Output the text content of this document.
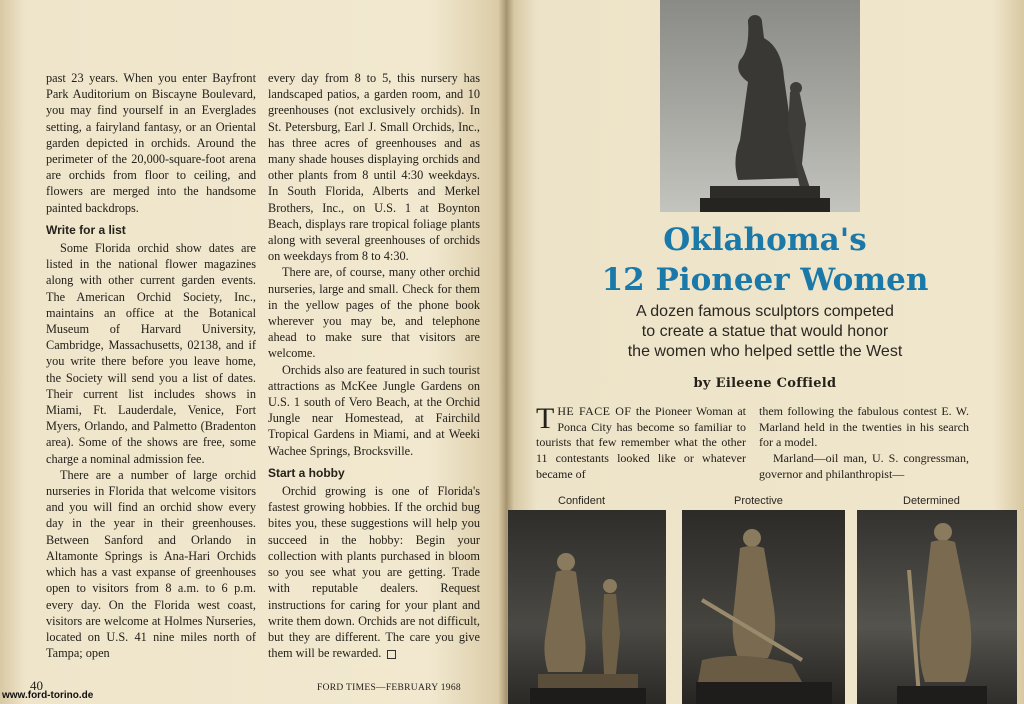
past 23 years. When you enter Bayfront Park Auditorium on Biscayne Boulevard, you may find yourself in an Everglades setting, a fairyland fantasy, or an Oriental garden depicted in orchids. Around the perimeter of the 20,000-square-foot arena are orchids from floor to ceiling, and flowers are merged into the handsome painted backdrops.

Write for a list

Some Florida orchid show dates are listed in the national flower magazines along with other current garden events. The American Orchid Society, Inc., maintains an office at the Botanical Museum of Harvard University, Cambridge, Massachusetts, 02138, and if you write there before you leave home, the Society will send you a list of dates. Their current list includes shows in Miami, Ft. Lauderdale, Venice, Fort Myers, Orlando, and Palmetto (Bradenton area). Some of the shows are free, some charge a nominal admission fee.

There are a number of large orchid nurseries in Florida that welcome visitors and you will find an orchid show every day in the year in their greenhouses. Between Sanford and Orlando in Altamonte Springs is Ana-Hari Orchids which has a vast expanse of greenhouses open to visitors from 8 a.m. to 6 p.m. every day. On the Florida west coast, visitors are welcome at Holmes Nurseries, located on U.S. 41 nine miles north of Tampa; open

every day from 8 to 5, this nursery has landscaped patios, a garden room, and 10 greenhouses (not exclusively orchids). In St. Petersburg, Earl J. Small Orchids, Inc., has three acres of greenhouses and as many shade houses displaying orchids and other plants from 8 until 4:30 weekdays. In South Florida, Alberts and Merkel Brothers, Inc., on U.S. 1 at Boynton Beach, displays rare tropical foliage plants along with several greenhouses of orchids on weekdays from 8 to 4:30.

There are, of course, many other orchid nurseries, large and small. Check for them in the yellow pages of the phone book wherever you may be, and telephone ahead to make sure that visitors are welcome.

Orchids also are featured in such tourist attractions as McKee Jungle Gardens on U.S. 1 south of Vero Beach, at the Orchid Jungle near Homestead, at Fairchild Tropical Gardens in Miami, and at Weeki Wachee Springs, Brocksville.

Start a hobby

Orchid growing is one of Florida's fastest growing hobbies. If the orchid bug bites you, these suggestions will help you succeed in the hobby: Begin your collection with plants purchased in bloom so you see what you are getting. Trade with reputable dealers. Request instructions for caring for your plant and write them down. Orchids are not difficult, but they are different. The care you give them will be rewarded.

40	FORD TIMES—FEBRUARY 1968
www.ford-torino.de
Oklahoma's
12 Pioneer Women
A dozen famous sculptors competed
to create a statue that would honor
the women who helped settle the West
by Eileene Coffield

THE FACE OF the Pioneer Woman at Ponca City has become so familiar to tourists that few remember what the other 11 contestants looked like or whatever became of

them following the fabulous contest E. W. Marland held in the twenties in his search for a model.

Marland—oil man, U. S. congressman, governor and philanthropist—

Confident	Protective	Determined
